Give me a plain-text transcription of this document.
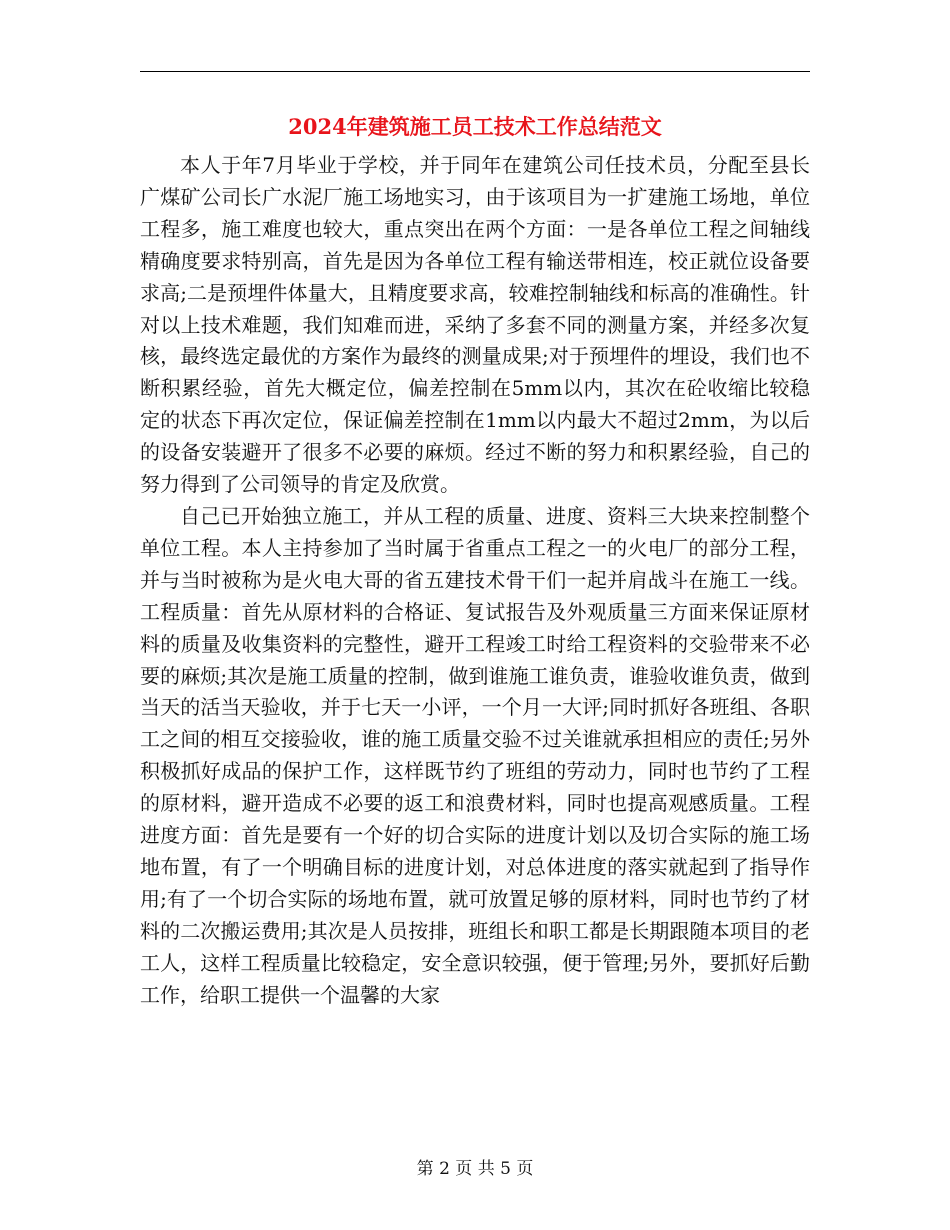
2024年建筑施工员工技术工作总结范文

本人于年7月毕业于学校，并于同年在建筑公司任技术员，分配至县长广煤矿公司长广水泥厂施工场地实习，由于该项目为一扩建施工场地，单位工程多，施工难度也较大，重点突出在两个方面：一是各单位工程之间轴线精确度要求特别高，首先是因为各单位工程有输送带相连，校正就位设备要求高;二是预埋件体量大，且精度要求高，较难控制轴线和标高的准确性。针对以上技术难题，我们知难而进，采纳了多套不同的测量方案，并经多次复核，最终选定最优的方案作为最终的测量成果;对于预埋件的埋设，我们也不断积累经验，首先大概定位，偏差控制在5mm以内，其次在砼收缩比较稳定的状态下再次定位，保证偏差控制在1mm以内最大不超过2mm，为以后的设备安装避开了很多不必要的麻烦。经过不断的努力和积累经验，自己的努力得到了公司领导的肯定及欣赏。

自己已开始独立施工，并从工程的质量、进度、资料三大块来控制整个单位工程。本人主持参加了当时属于省重点工程之一的火电厂的部分工程，并与当时被称为是火电大哥的省五建技术骨干们一起并肩战斗在施工一线。工程质量：首先从原材料的合格证、复试报告及外观质量三方面来保证原材料的质量及收集资料的完整性，避开工程竣工时给工程资料的交验带来不必要的麻烦;其次是施工质量的控制，做到谁施工谁负责，谁验收谁负责，做到当天的活当天验收，并于七天一小评，一个月一大评;同时抓好各班组、各职工之间的相互交接验收，谁的施工质量交验不过关谁就承担相应的责任;另外积极抓好成品的保护工作，这样既节约了班组的劳动力，同时也节约了工程的原材料，避开造成不必要的返工和浪费材料，同时也提高观感质量。工程进度方面：首先是要有一个好的切合实际的进度计划以及切合实际的施工场地布置，有了一个明确目标的进度计划，对总体进度的落实就起到了指导作用;有了一个切合实际的场地布置，就可放置足够的原材料，同时也节约了材料的二次搬运费用;其次是人员按排，班组长和职工都是长期跟随本项目的老工人，这样工程质量比较稳定，安全意识较强，便于管理;另外，要抓好后勤工作，给职工提供一个温馨的大家

第 2 页 共 5 页
